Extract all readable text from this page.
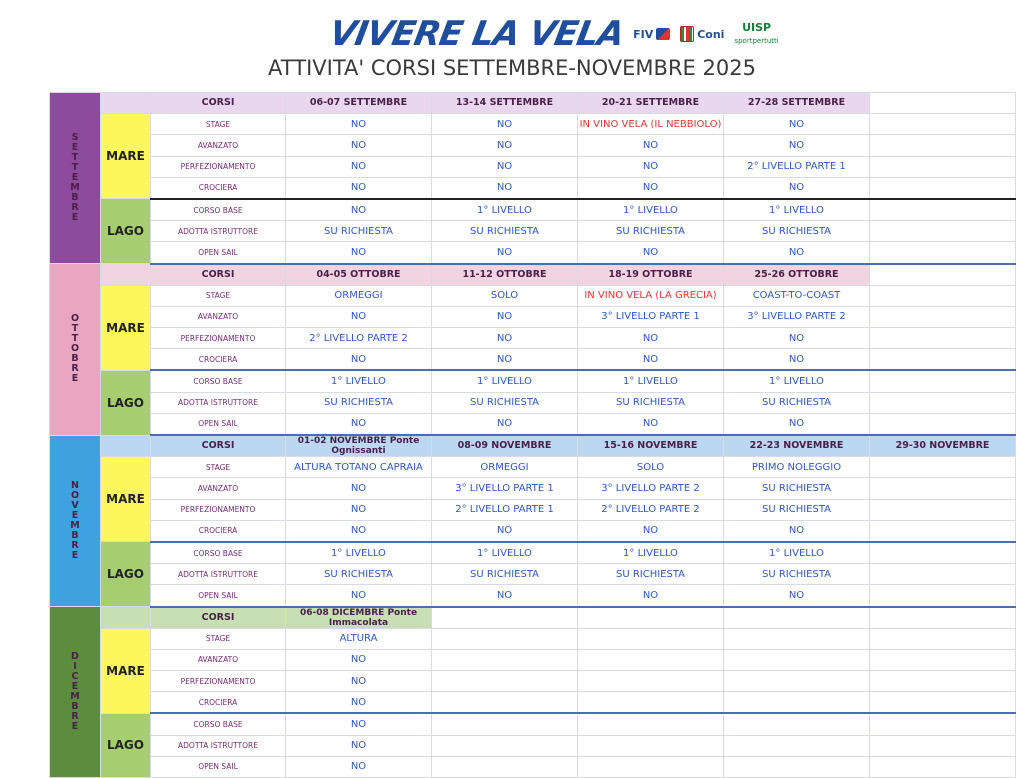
VIVERE LA VELA FIV	Coni
UISP
sportpertutti
ATTIVITA' CORSI SETTEMBRE-NOVEMBRE 2025
S E T T E M B R E		CORSI	06-07 SETTEMBRE	13-14 SETTEMBRE	20-21 SETTEMBRE	27-28 SETTEMBRE	
	MARE	STAGE	NO	NO	IN VINO VELA (IL NEBBIOLO)	NO	
		AVANZATO	NO	NO	NO	NO	
		PERFEZIONAMENTO	NO	NO	NO	2° LIVELLO PARTE 1	
		CROCIERA	NO	NO	NO	NO	
	LAGO	CORSO BASE	NO	1° LIVELLO	1° LIVELLO	1° LIVELLO	
		ADOTTA ISTRUTTORE	SU RICHIESTA	SU RICHIESTA	SU RICHIESTA	SU RICHIESTA	
		OPEN SAIL	NO	NO	NO	NO	
O T T O B R E		CORSI	04-05 OTTOBRE	11-12 OTTOBRE	18-19 OTTOBRE	25-26 OTTOBRE	
	MARE	STAGE	ORMEGGI	SOLO	IN VINO VELA (LA GRECIA)	COAST-TO-COAST	
		AVANZATO	NO	NO	3° LIVELLO PARTE 1	3° LIVELLO PARTE 2	
		PERFEZIONAMENTO	2° LIVELLO PARTE 2	NO	NO	NO	
		CROCIERA	NO	NO	NO	NO	
	LAGO	CORSO BASE	1° LIVELLO	1° LIVELLO	1° LIVELLO	1° LIVELLO	
		ADOTTA ISTRUTTORE	SU RICHIESTA	SU RICHIESTA	SU RICHIESTA	SU RICHIESTA	
		OPEN SAIL	NO	NO	NO	NO	
N O V E M B R E		CORSI	01-02 NOVEMBRE Ponte Ognissanti	08-09 NOVEMBRE	15-16 NOVEMBRE	22-23 NOVEMBRE	29-30 NOVEMBRE
	MARE	STAGE	ALTURA TOTANO CAPRAIA	ORMEGGI	SOLO	PRIMO NOLEGGIO	
		AVANZATO	NO	3° LIVELLO PARTE 1	3° LIVELLO PARTE 2	SU RICHIESTA	
		PERFEZIONAMENTO	NO	2° LIVELLO PARTE 1	2° LIVELLO PARTE 2	SU RICHIESTA	
		CROCIERA	NO	NO	NO	NO	
	LAGO	CORSO BASE	1° LIVELLO	1° LIVELLO	1° LIVELLO	1° LIVELLO	
		ADOTTA ISTRUTTORE	SU RICHIESTA	SU RICHIESTA	SU RICHIESTA	SU RICHIESTA	
		OPEN SAIL	NO	NO	NO	NO	
D I C E M B R E		CORSI	06-08 DICEMBRE Ponte Immacolata				
	MARE	STAGE	ALTURA				
		AVANZATO	NO				
		PERFEZIONAMENTO	NO				
		CROCIERA	NO				
	LAGO	CORSO BASE	NO				
		ADOTTA ISTRUTTORE	NO				
		OPEN SAIL	NO				
